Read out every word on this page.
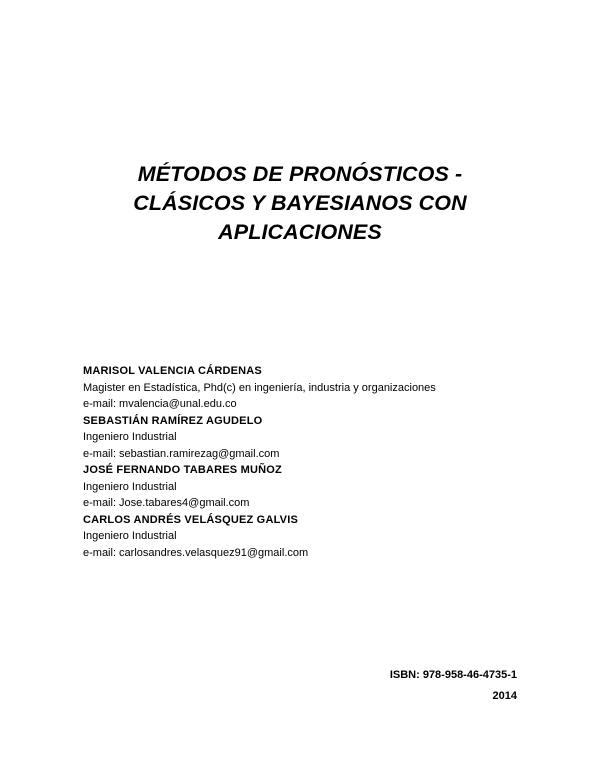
MÉTODOS DE PRONÓSTICOS -
CLÁSICOS Y BAYESIANOS CON
APLICACIONES
MARISOL VALENCIA CÁRDENAS
Magister en Estadística, Phd(c) en ingeniería, industria y organizaciones
e-mail: mvalencia@unal.edu.co
SEBASTIÁN RAMÍREZ AGUDELO
Ingeniero Industrial
e-mail: sebastian.ramirezag@gmail.com
JOSÉ FERNANDO TABARES MUÑOZ
Ingeniero Industrial
e-mail: Jose.tabares4@gmail.com
CARLOS ANDRÉS VELÁSQUEZ GALVIS
Ingeniero Industrial
e-mail: carlosandres.velasquez91@gmail.com
ISBN: 978-958-46-4735-1
2014
